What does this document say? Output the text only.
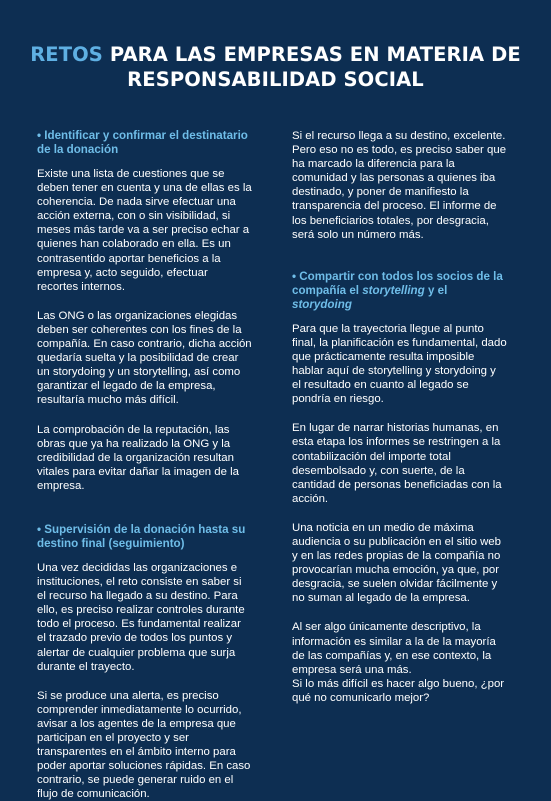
RETOS PARA LAS EMPRESAS EN MATERIA DE
RESPONSABILIDAD SOCIAL
• Identificar y confirmar el destinatario de la donación

Existe una lista de cuestiones que se deben tener en cuenta y una de ellas es la coherencia. De nada sirve efectuar una acción externa, con o sin visibilidad, si meses más tarde va a ser preciso echar a quienes han colaborado en ella. Es un contrasentido aportar beneficios a la empresa y, acto seguido, efectuar recortes internos.

Las ONG o las organizaciones elegidas deben ser coherentes con los fines de la compañía. En caso contrario, dicha acción quedaría suelta y la posibilidad de crear un storydoing y un storytelling, así como garantizar el legado de la empresa, resultaría mucho más difícil.

La comprobación de la reputación, las obras que ya ha realizado la ONG y la credibilidad de la organización resultan vitales para evitar dañar la imagen de la empresa.

• Supervisión de la donación hasta su destino final (seguimiento)

Una vez decididas las organizaciones e instituciones, el reto consiste en saber si el recurso ha llegado a su destino. Para ello, es preciso realizar controles durante todo el proceso. Es fundamental realizar el trazado previo de todos los puntos y alertar de cualquier problema que surja durante el trayecto.

Si se produce una alerta, es preciso comprender inmediatamente lo ocurrido, avisar a los agentes de la empresa que participan en el proyecto y ser transparentes en el ámbito interno para poder aportar soluciones rápidas. En caso contrario, se puede generar ruido en el flujo de comunicación.

Si el recurso llega a su destino, excelente. Pero eso no es todo, es preciso saber que ha marcado la diferencia para la comunidad y las personas a quienes iba destinado, y poner de manifiesto la transparencia del proceso. El informe de los beneficiarios totales, por desgracia, será solo un número más.

• Compartir con todos los socios de la compañía el storytelling y el storydoing

Para que la trayectoria llegue al punto final, la planificación es fundamental, dado que prácticamente resulta imposible hablar aquí de storytelling y storydoing y el resultado en cuanto al legado se pondría en riesgo.

En lugar de narrar historias humanas, en esta etapa los informes se restringen a la contabilización del importe total desembolsado y, con suerte, de la cantidad de personas beneficiadas con la acción.

Una noticia en un medio de máxima audiencia o su publicación en el sitio web y en las redes propias de la compañía no provocarían mucha emoción, ya que, por desgracia, se suelen olvidar fácilmente y no suman al legado de la empresa.

Al ser algo únicamente descriptivo, la información es similar a la de la mayoría de las compañías y, en ese contexto, la empresa será una más.

Si lo más difícil es hacer algo bueno, ¿por qué no comunicarlo mejor?
